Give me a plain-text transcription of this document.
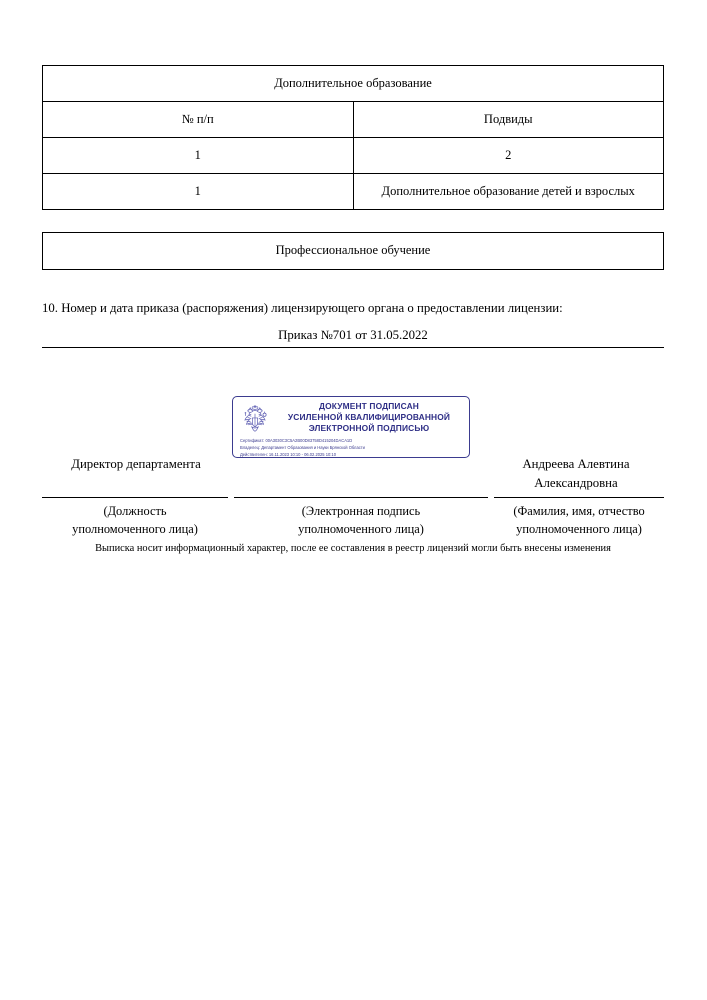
Дополнительное образование	
№ п/п	Подвиды
1	2
1	Дополнительное образование детей и взрослых
Профессиональное обучение
10. Номер и дата приказа (распоряжения) лицензирующего органа о предоставлении лицензии:
Приказ №701 от 31.05.2022
ДОКУМЕНТ ПОДПИСАН
УСИЛЕННОЙ КВАЛИФИЦИРОВАННОЙ
ЭЛЕКТРОННОЙ ПОДПИСЬЮ
Сертификат: 00A3030C3C5A2B00D83758D415204DACA1D
Владелец: Департамент Образования и Науки Брянской Области
Действителен: 16.11.2023 10:10 - 06.02.2025 10:10
Директор департамента	Андреева Алевтина
Александровна
(Должность
уполномоченного лица)
(Электронная подпись
уполномоченного лица)
(Фамилия, имя, отчество
уполномоченного лица)
Выписка носит информационный характер, после ее составления в реестр лицензий могли быть внесены изменения
